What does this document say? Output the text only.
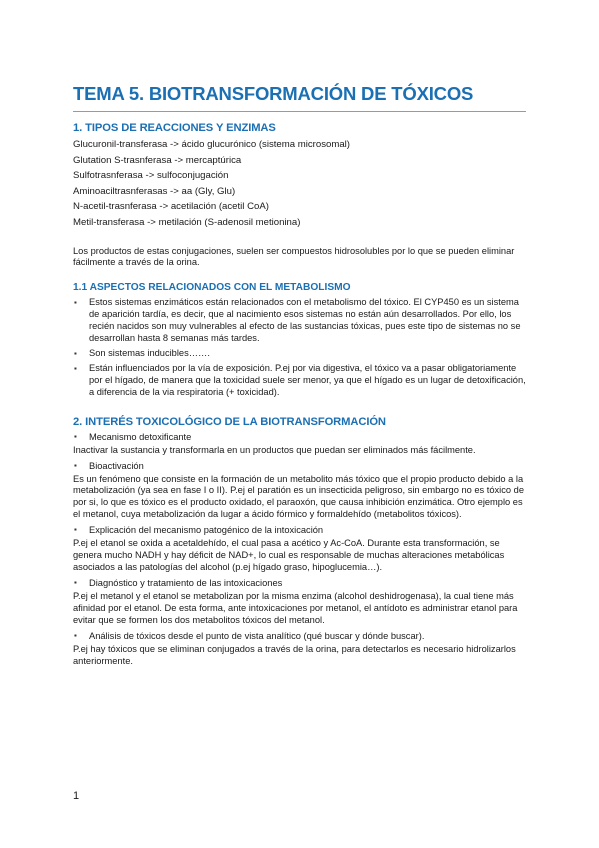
TEMA 5. BIOTRANSFORMACIÓN DE TÓXICOS
1. TIPOS DE REACCIONES Y ENZIMAS

Glucuronil-transferasa -> ácido glucurónico (sistema microsomal)

Glutation S-trasnferasa -> mercaptúrica

Sulfotrasnferasa -> sulfoconjugación

Aminoaciltrasnferasas -> aa (Gly, Glu)

N-acetil-trasnferasa -> acetilación (acetil CoA)

Metil-transferasa -> metilación (S-adenosil metionina)

Los productos de estas conjugaciones, suelen ser compuestos hidrosolubles por lo que se pueden eliminar fácilmente a través de la orina.

1.1 ASPECTOS RELACIONADOS CON EL METABOLISMO
▪ Estos sistemas enzimáticos están relacionados con el metabolismo del tóxico. El CYP450 es un sistema de aparición tardía, es decir, que al nacimiento esos sistemas no están aún desarrollados. Por ello, los recién nacidos son muy vulnerables al efecto de las sustancias tóxicas, pues este tipo de sistemas no se desarrollan hasta 8 semanas más tardes.
▪ Son sistemas inducibles…….
▪ Están influenciados por la vía de exposición. P.ej por via digestiva, el tóxico va a pasar obligatoriamente por el hígado, de manera que la toxicidad suele ser menor, ya que el hígado es un lugar de detoxificación, a diferencia de la via respiratoria (+ toxicidad).
2. INTERÉS TOXICOLÓGICO DE LA BIOTRANSFORMACIÓN

▪ Mecanismo detoxificante

Inactivar la sustancia y transformarla en un productos que puedan ser eliminados más fácilmente.

▪ Bioactivación

Es un fenómeno que consiste en la formación de un metabolito más tóxico que el propio producto debido a la metabolización (ya sea en fase I o II). P.ej el paratión es un insecticida peligroso, sin embargo no es tóxico de por si, lo que es tóxico es el producto oxidado, el paraoxón, que causa inhibición enzimática. Otro ejemplo es el metanol, cuya metabolización da lugar a ácido fórmico y formaldehído (metabolitos tóxicos).

▪ Explicación del mecanismo patogénico de la intoxicación

P.ej el etanol se oxida a acetaldehído, el cual pasa a acético y Ac-CoA. Durante esta transformación, se genera mucho NADH y hay déficit de NAD+, lo cual es responsable de muchas alteraciones metabólicas asociados a las patologías del alcohol (p.ej hígado graso, hipoglucemia…).

▪ Diagnóstico y tratamiento de las intoxicaciones

P.ej el metanol y el etanol se metabolizan por la misma enzima (alcohol deshidrogenasa), la cual tiene más afinidad por el etanol. De esta forma, ante intoxicaciones por metanol, el antídoto es administrar etanol para evitar que se formen los dos metabolitos tóxicos del metanol.

▪ Análisis de tóxicos desde el punto de vista analítico (qué buscar y dónde buscar).

P.ej hay tóxicos que se eliminan conjugados a través de la orina, para detectarlos es necesario hidrolizarlos anteriormente.

1
